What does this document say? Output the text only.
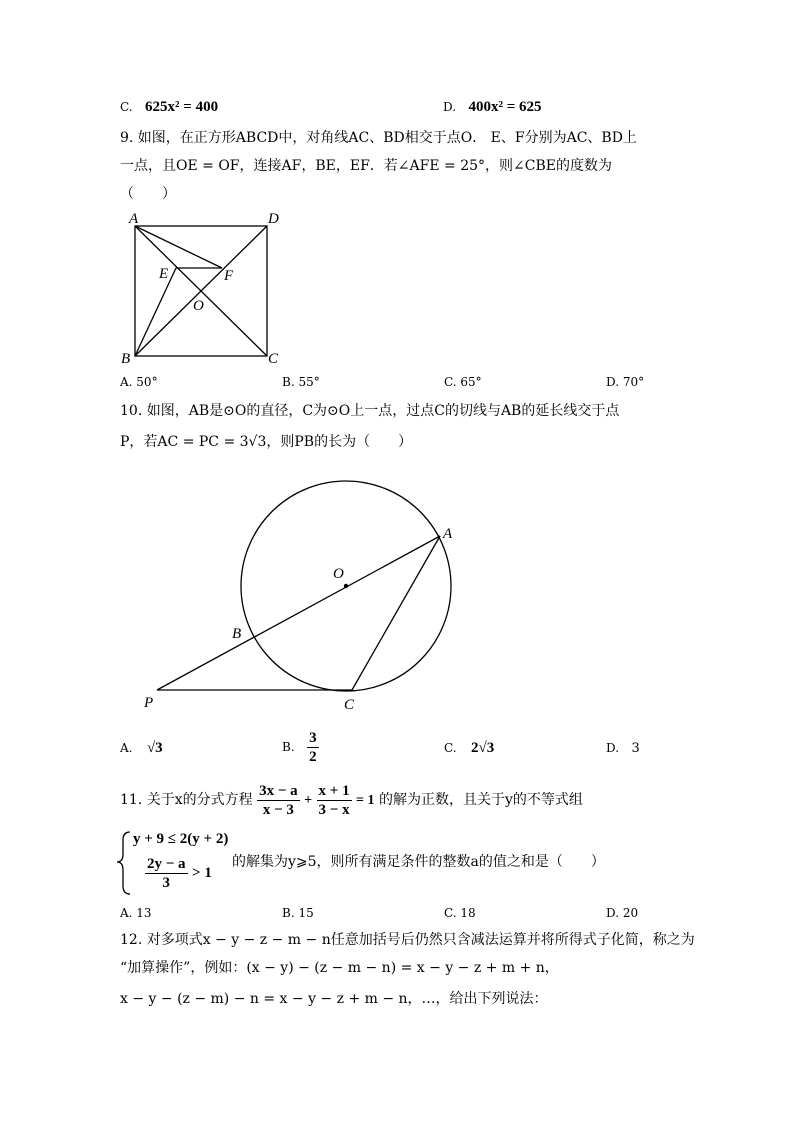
C. 625x² = 400	D. 400x² = 625
9. 如图，在正方形ABCD中，对角线AC、BD相交于点O． E、F分别为AC、BD上
一点，且OE = OF，连接AF，BE，EF．若∠AFE = 25°，则∠CBE的度数为
（　　）
A	D
B	C
E	F
O
A. 50°	B. 55°	C. 65°	D. 70°
10. 如图，AB是⊙O的直径，C为⊙O上一点，过点C的切线与AB的延长线交于点
P，若AC = PC = 3√3，则PB的长为（　　）
O
A
B
P	C
A. √3	B. $\frac{3}{2}$	C. 2√3	D. 3
11. 关于x的分式方程 $\frac{3x - a}{x - 3} + \frac{x + 1}{3 - x} = 1$ 的解为正数，且关于y的不等式组
y + 9 ≤ 2(y + 2)
$\frac{2y - a}{3} > 1$
的解集为y⩾5，则所有满足条件的整数a的值之和是（　　）
A. 13	B. 15	C. 18	D. 20
12. 对多项式x − y − z − m − n任意加括号后仍然只含减法运算并将所得式子化简，称之为
“加算操作”，例如：(x − y) − (z − m − n) = x − y − z + m + n，
x − y − (z − m) − n = x − y − z + m − n，…，给出下列说法：
